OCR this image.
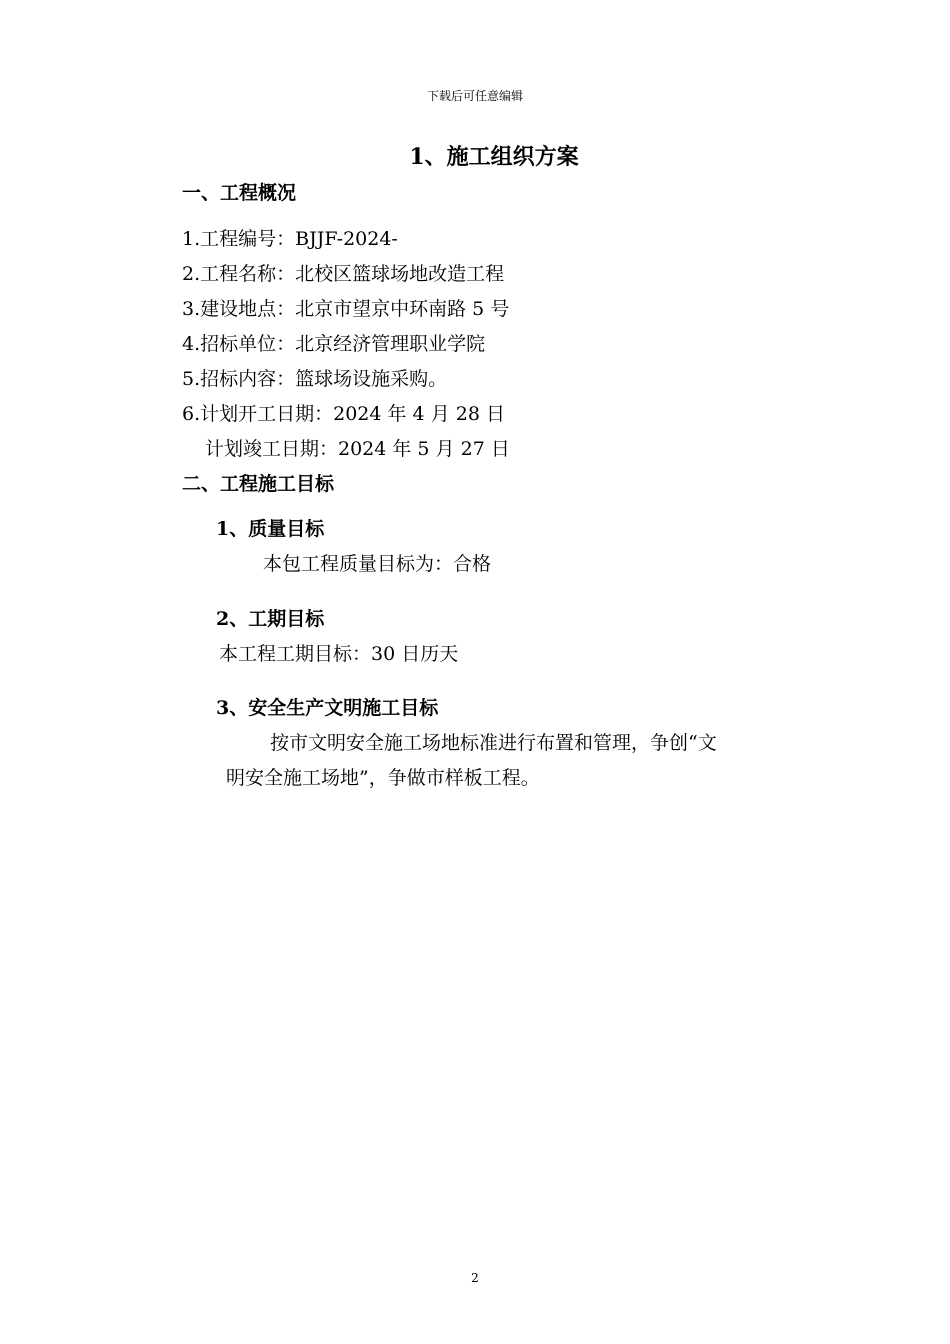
下载后可任意编辑
1、施工组织方案
一、工程概况
1.工程编号：BJJF-2024-
2.工程名称：北校区篮球场地改造工程
3.建设地点：北京市望京中环南路 5 号
4.招标单位：北京经济管理职业学院
5.招标内容：篮球场设施采购。
6.计划开工日期：2024 年 4 月 28 日
计划竣工日期：2024 年 5 月 27 日
二、工程施工目标
1、质量目标
本包工程质量目标为：合格
2、工期目标
本工程工期目标：30 日历天
3、安全生产文明施工目标
按市文明安全施工场地标准进行布置和管理，争创“文
明安全施工场地”，争做市样板工程。
2
